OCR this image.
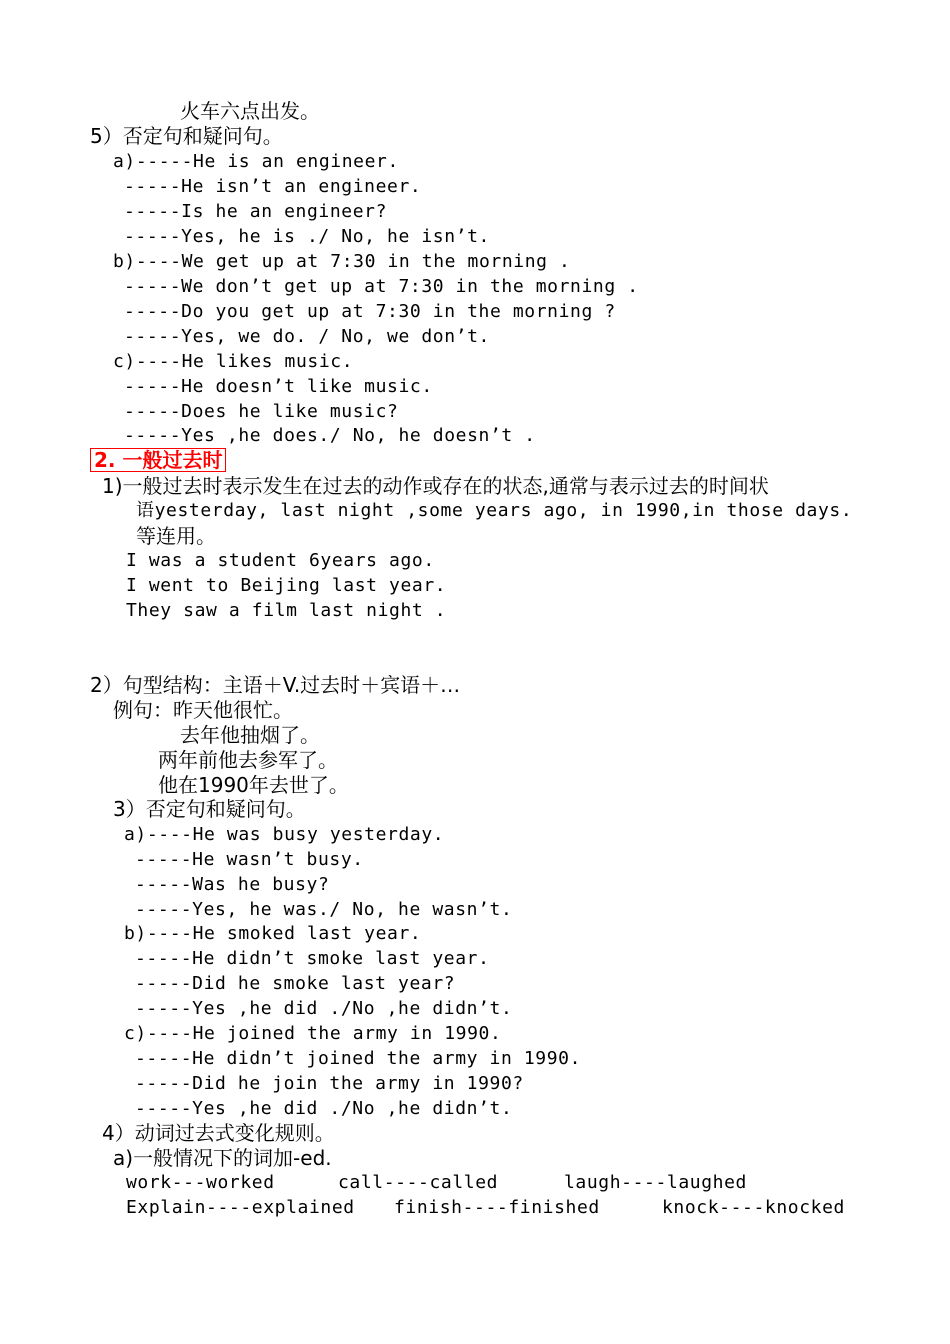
火车六点出发。
5）否定句和疑问句。
a)-----He is an engineer.
-----He isn’t an engineer.
-----Is he an engineer?
-----Yes, he is ./ No, he isn’t.
b)----We get up at 7:30 in the morning .
-----We don’t get up at 7:30 in the morning .
-----Do you get up at 7:30 in the morning ?
-----Yes, we do. / No, we don’t.
c)----He likes music.
-----He doesn’t like music.
-----Does he like music?
-----Yes ,he does./ No, he doesn’t .
2. 一般过去时
1)一般过去时表示发生在过去的动作或存在的状态,通常与表示过去的时间状
语yesterday, last night ,some years ago, in 1990,in those days.
等连用。
I was a student 6years ago.
I went to Beijing last year.
They saw a film last night .
2）句型结构：主语＋V.过去时＋宾语＋…
例句：昨天他很忙。
去年他抽烟了。
两年前他去参军了。
他在1990年去世了。
3）否定句和疑问句。
a)----He was busy yesterday.
-----He wasn’t busy.
-----Was he busy?
-----Yes, he was./ No, he wasn’t.
b)----He smoked last year.
-----He didn’t smoke last year.
-----Did he smoke last year?
-----Yes ,he did ./No ,he didn’t.
c)----He joined the army in 1990.
-----He didn’t joined the army in 1990.
-----Did he join the army in 1990?
-----Yes ,he did ./No ,he didn’t.
4）动词过去式变化规则。
a)一般情况下的词加-ed.
work---worked	call----called	laugh----laughed
Explain----explained finish----finished	knock----knocked
